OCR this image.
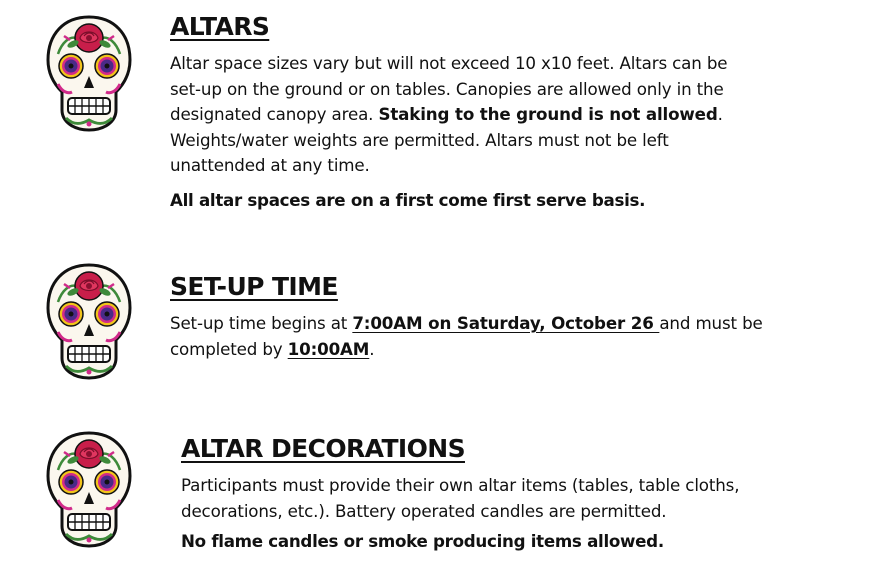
ALTARS

Altar space sizes vary but will not exceed 10 x10 feet. Altars can be

set-up on the ground or on tables. Canopies are allowed only in the

designated canopy area. Staking to the ground is not allowed.

Weights/water weights are permitted. Altars must not be left

unattended at any time.

All altar spaces are on a first come first serve basis.

SET-UP TIME

Set-up time begins at 7:00AM on Saturday, October 26 and must be

completed by 10:00AM.

ALTAR DECORATIONS

Participants must provide their own altar items (tables, table cloths,

decorations, etc.). Battery operated candles are permitted.

No flame candles or smoke producing items allowed.
